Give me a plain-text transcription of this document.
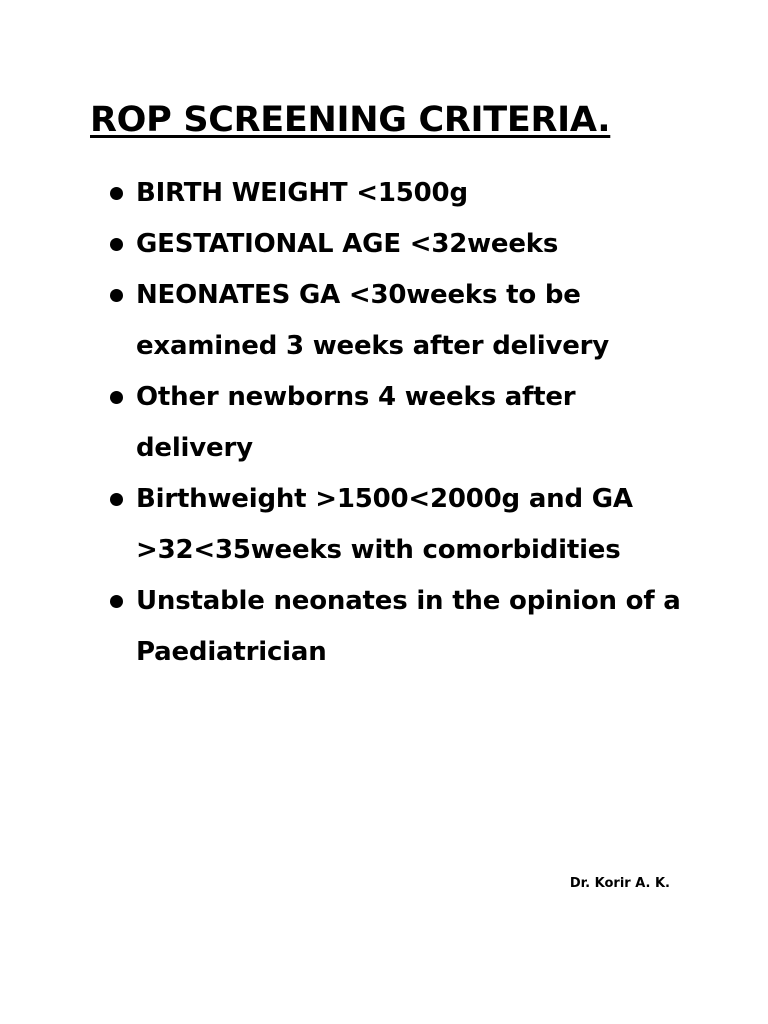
ROP SCREENING CRITERIA.
BIRTH WEIGHT <1500g
GESTATIONAL AGE <32weeks
NEONATES GA <30weeks to be examined 3 weeks after delivery
Other newborns 4 weeks after delivery
Birthweight >1500<2000g and GA >32<35weeks with comorbidities
Unstable neonates in the opinion of a Paediatrician
Dr. Korir A. K.
